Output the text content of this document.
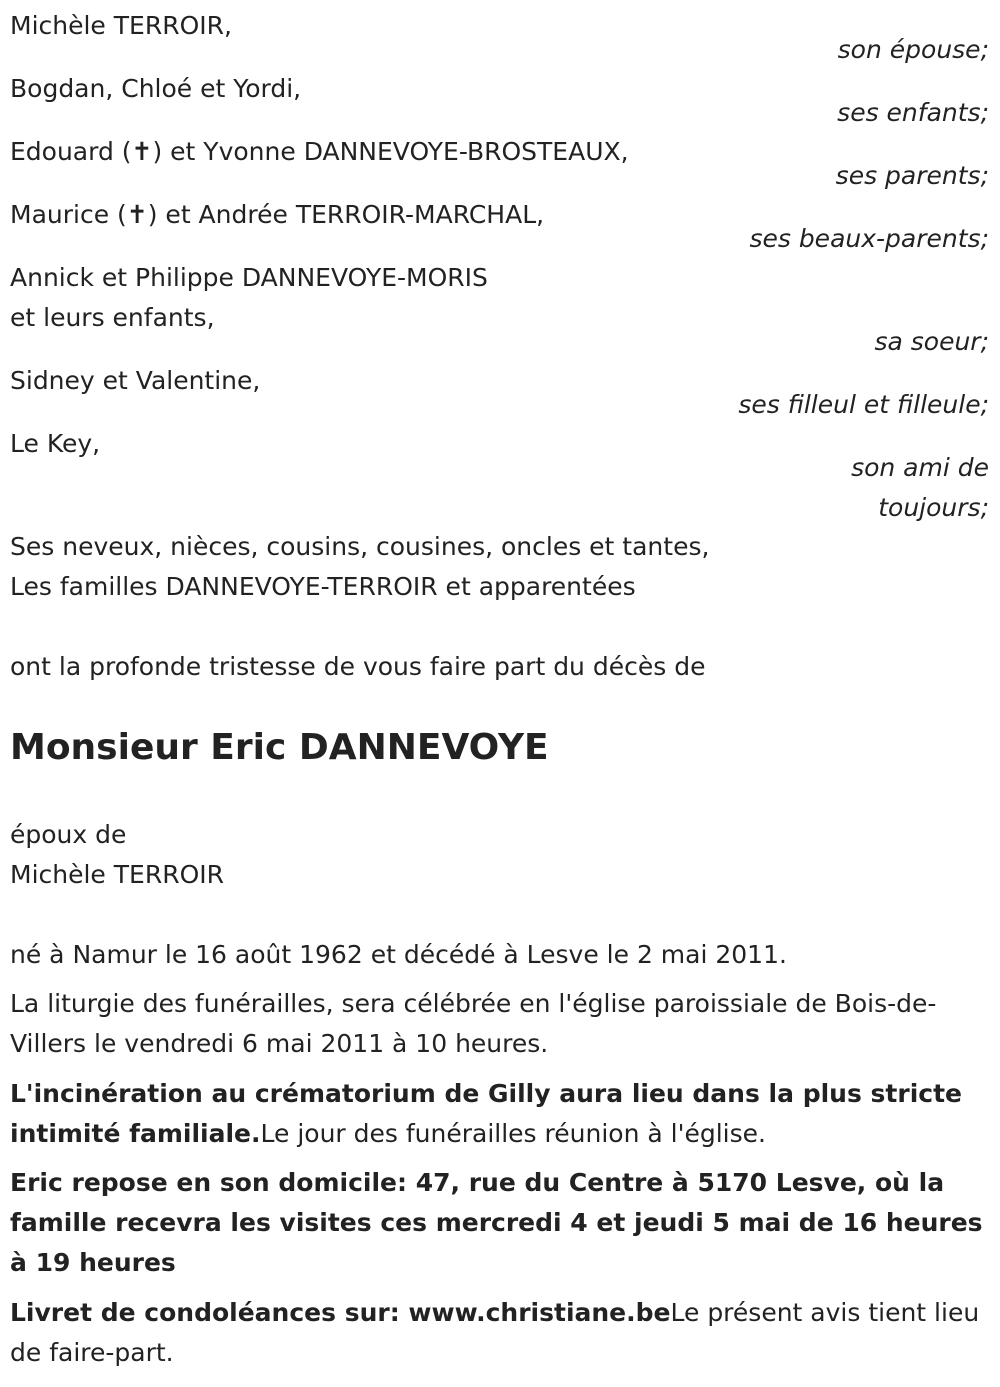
Michèle TERROIR,
son épouse;
Bogdan, Chloé et Yordi,
ses enfants;
Edouard (✝) et Yvonne DANNEVOYE-BROSTEAUX,
ses parents;
Maurice (✝) et Andrée TERROIR-MARCHAL,
ses beaux-parents;
Annick et Philippe DANNEVOYE-MORIS
et leurs enfants,
sa soeur;
Sidney et Valentine,
ses filleul et filleule;
Le Key,
son ami de
toujours;
Ses neveux, nièces, cousins, cousines, oncles et tantes,
Les familles DANNEVOYE-TERROIR et apparentées
ont la profonde tristesse de vous faire part du décès de
Monsieur Eric DANNEVOYE
époux de
Michèle TERROIR
né à Namur le 16 août 1962 et décédé à Lesve le 2 mai 2011.
La liturgie des funérailles, sera célébrée en l'église paroissiale de Bois-de-Villers le vendredi 6 mai 2011 à 10 heures.
L'incinération au crématorium de Gilly aura lieu dans la plus stricte intimité familiale.Le jour des funérailles réunion à l'église.
Eric repose en son domicile: 47, rue du Centre à 5170 Lesve, où la famille recevra les visites ces mercredi 4 et jeudi 5 mai de 16 heures à 19 heures
Livret de condoléances sur: www.christiane.beLe présent avis tient lieu de faire-part.
